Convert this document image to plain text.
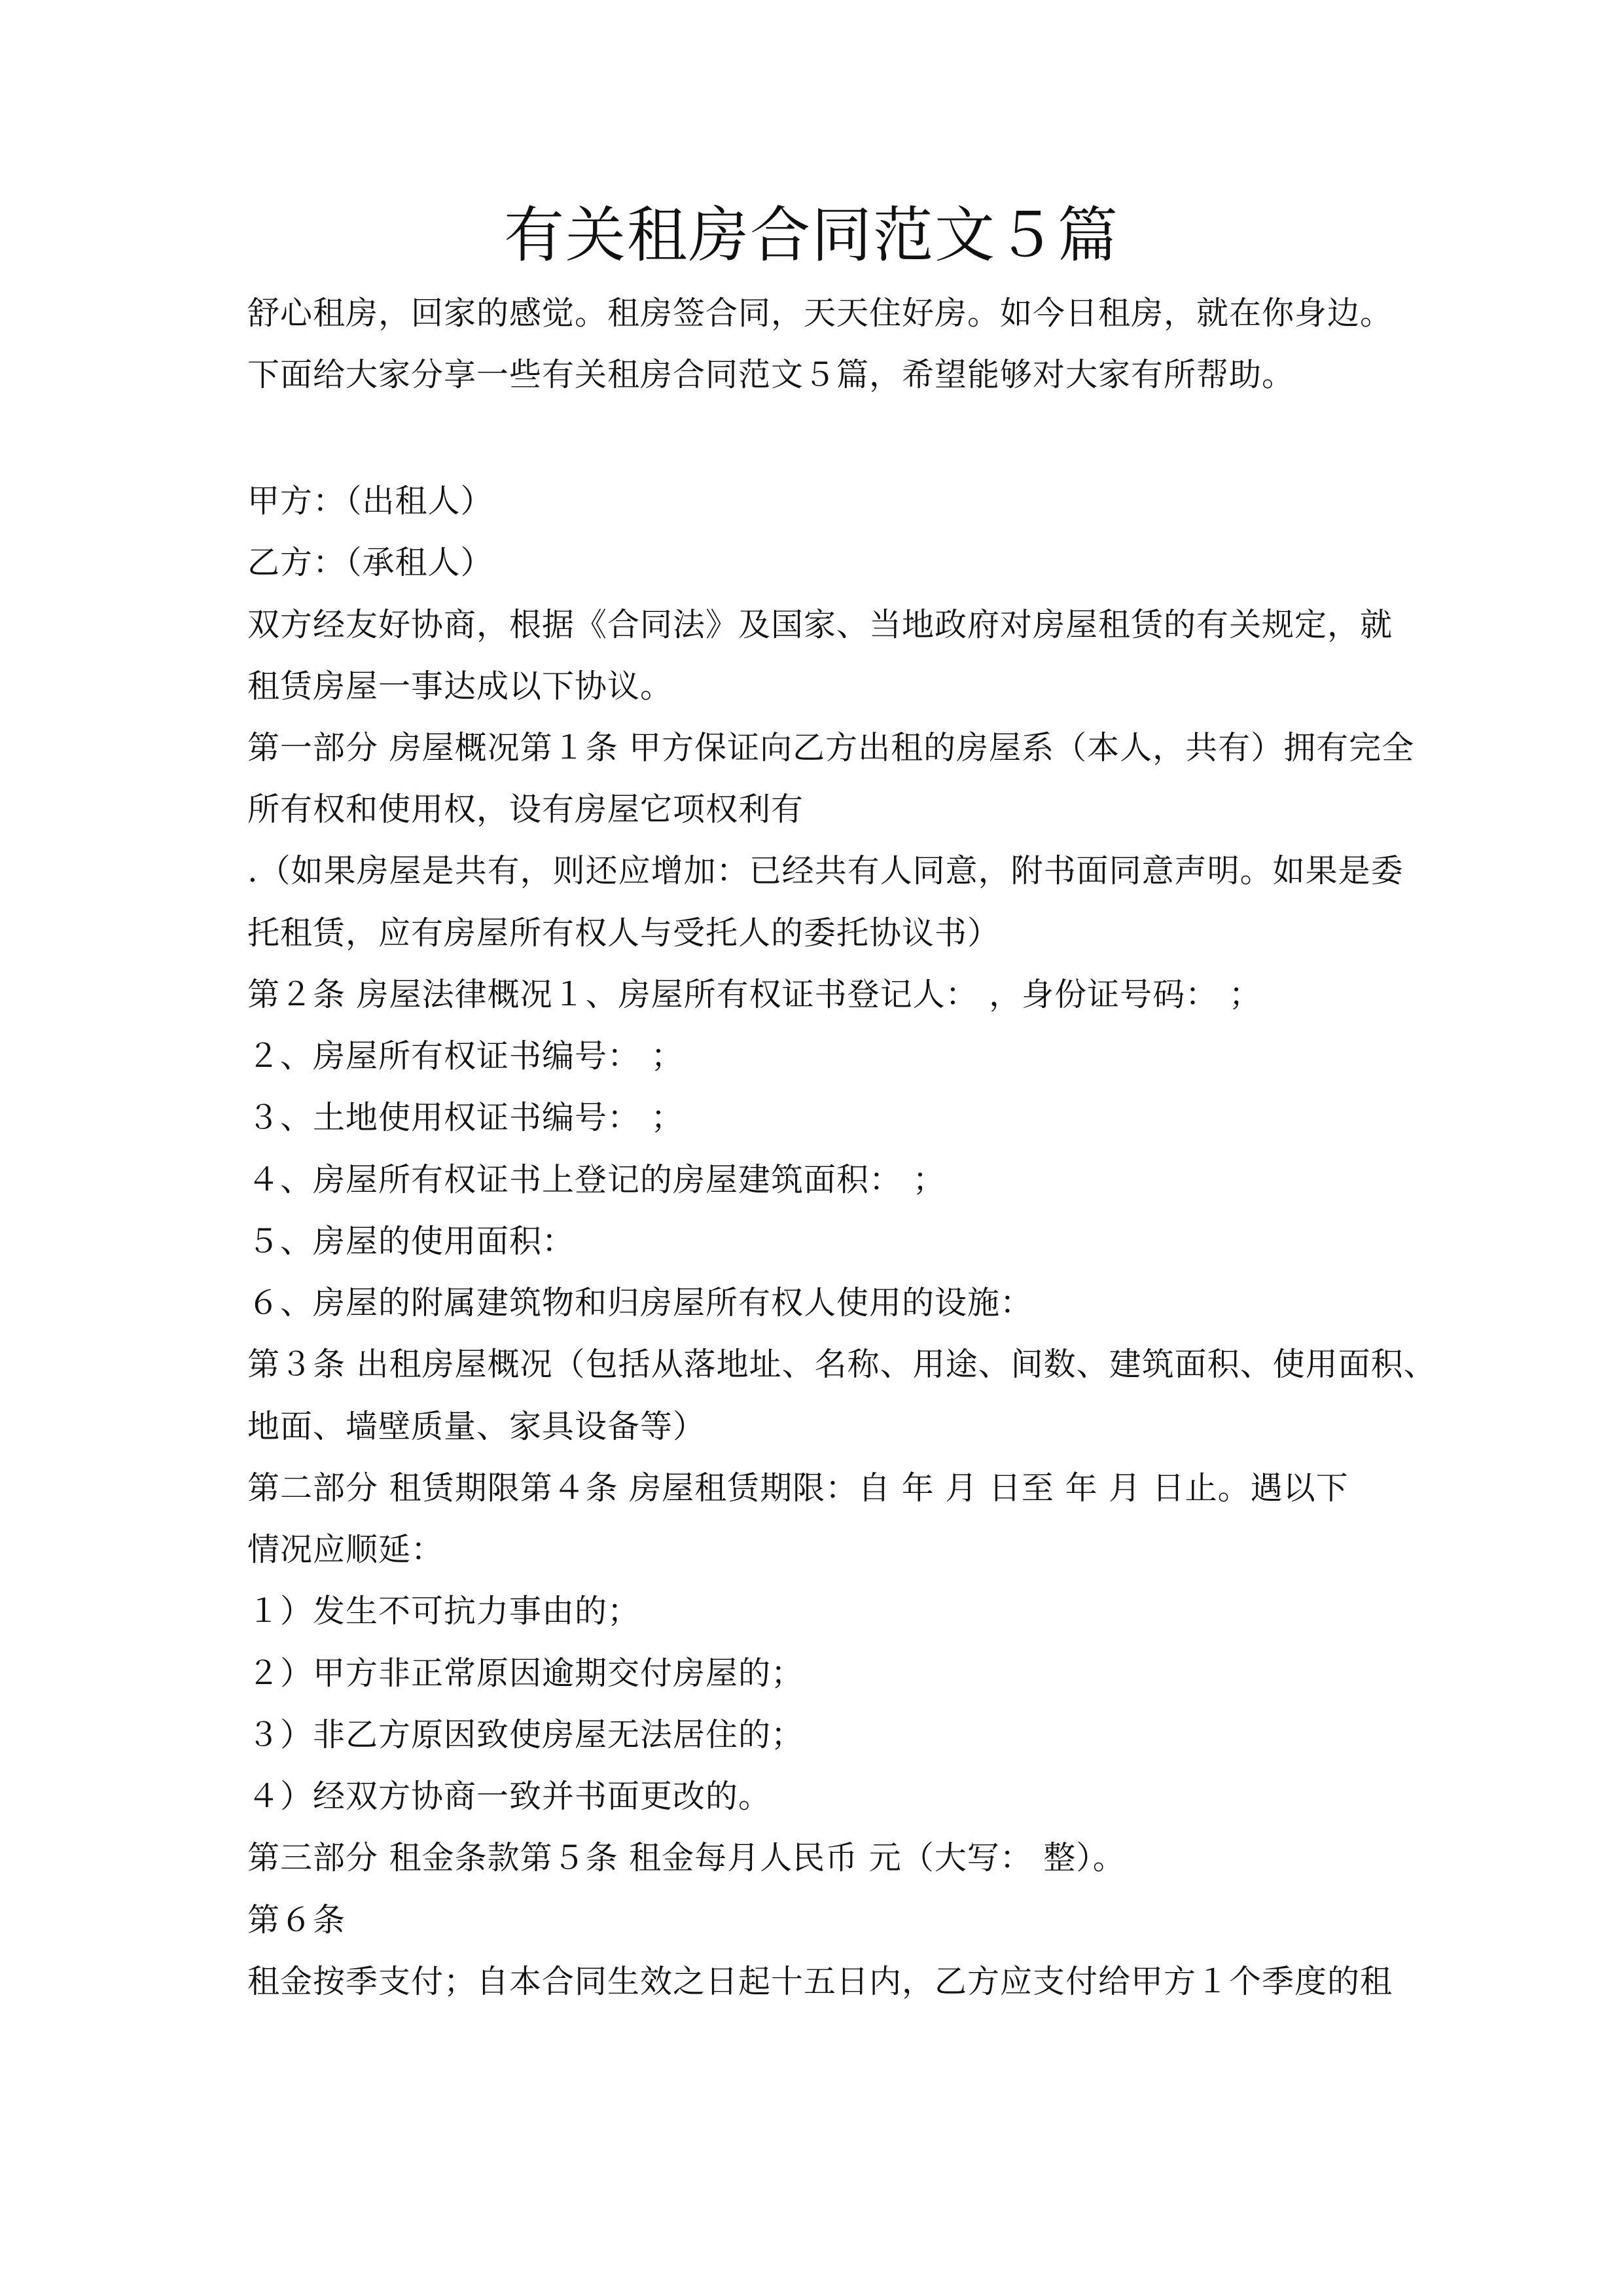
有关租房合同范文５篇
舒心租房，回家的感觉。租房签合同，天天住好房。如今日租房，就在你身边。
下面给大家分享一些有关租房合同范文５篇，希望能够对大家有所帮助。
甲方：（出租人）
乙方：（承租人）
双方经友好协商，根据《合同法》及国家、当地政府对房屋租赁的有关规定，就
租赁房屋一事达成以下协议。
第一部分 房屋概况第１条 甲方保证向乙方出租的房屋系（本人，共有）拥有完全
所有权和使用权，设有房屋它项权利有
.（如果房屋是共有，则还应增加：已经共有人同意，附书面同意声明。如果是委
托租赁，应有房屋所有权人与受托人的委托协议书）
第２条 房屋法律概况１、房屋所有权证书登记人： ，身份证号码： ；
２、房屋所有权证书编号： ；
３、土地使用权证书编号： ；
４、房屋所有权证书上登记的房屋建筑面积： ；
５、房屋的使用面积：
６、房屋的附属建筑物和归房屋所有权人使用的设施：
第３条 出租房屋概况（包括从落地址、名称、用途、间数、建筑面积、使用面积、
地面、墙壁质量、家具设备等）
第二部分 租赁期限第４条 房屋租赁期限：自 年 月 日至 年 月 日止。遇以下
情况应顺延：
１）发生不可抗力事由的；
２）甲方非正常原因逾期交付房屋的；
３）非乙方原因致使房屋无法居住的；
４）经双方协商一致并书面更改的。
第三部分 租金条款第５条 租金每月人民币 元（大写： 整）。
第６条
租金按季支付；自本合同生效之日起十五日内，乙方应支付给甲方１个季度的租
